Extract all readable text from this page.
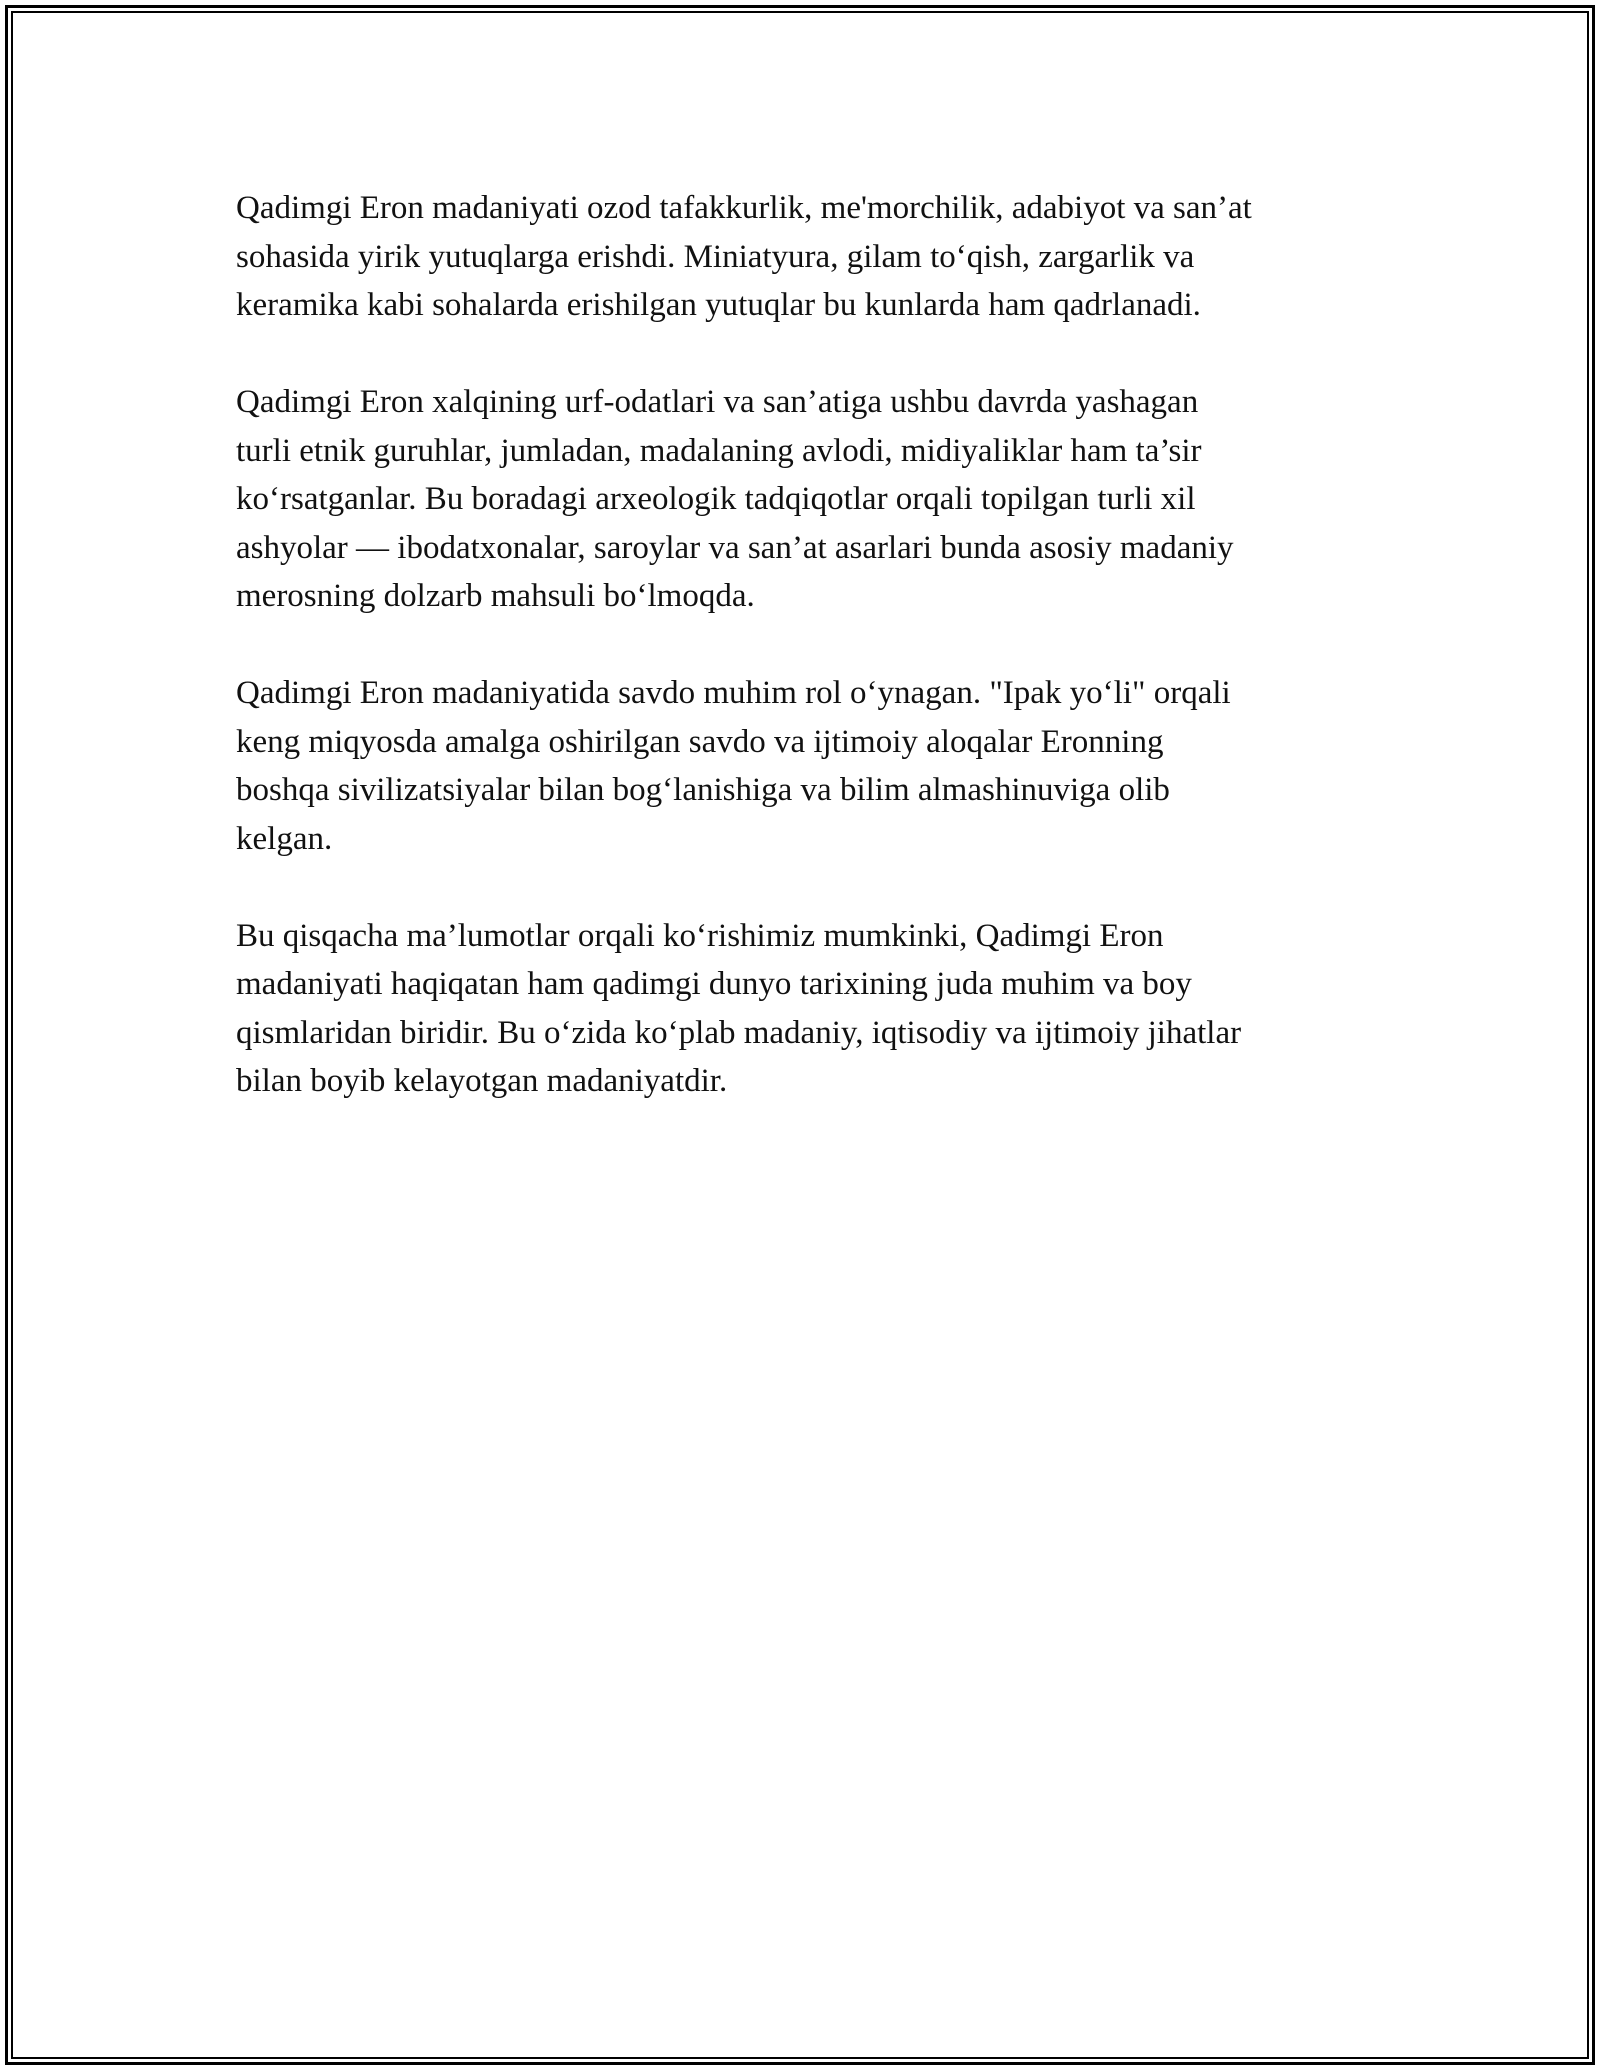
Qadimgi Eron madaniyati ozod tafakkurlik, me'morchilik, adabiyot va san’at
sohasida yirik yutuqlarga erishdi. Miniatyura, gilam to‘qish, zargarlik va
keramika kabi sohalarda erishilgan yutuqlar bu kunlarda ham qadrlanadi.

Qadimgi Eron xalqining urf-odatlari va san’atiga ushbu davrda yashagan
turli etnik guruhlar, jumladan, madalaning avlodi, midiyaliklar ham ta’sir
ko‘rsatganlar. Bu boradagi arxeologik tadqiqotlar orqali topilgan turli xil
ashyolar — ibodatxonalar, saroylar va san’at asarlari bunda asosiy madaniy
merosning dolzarb mahsuli bo‘lmoqda.

Qadimgi Eron madaniyatida savdo muhim rol o‘ynagan. "Ipak yo‘li" orqali
keng miqyosda amalga oshirilgan savdo va ijtimoiy aloqalar Eronning
boshqa sivilizatsiyalar bilan bog‘lanishiga va bilim almashinuviga olib
kelgan.

Bu qisqacha ma’lumotlar orqali ko‘rishimiz mumkinki, Qadimgi Eron
madaniyati haqiqatan ham qadimgi dunyo tarixining juda muhim va boy
qismlaridan biridir. Bu o‘zida ko‘plab madaniy, iqtisodiy va ijtimoiy jihatlar
bilan boyib kelayotgan madaniyatdir.
